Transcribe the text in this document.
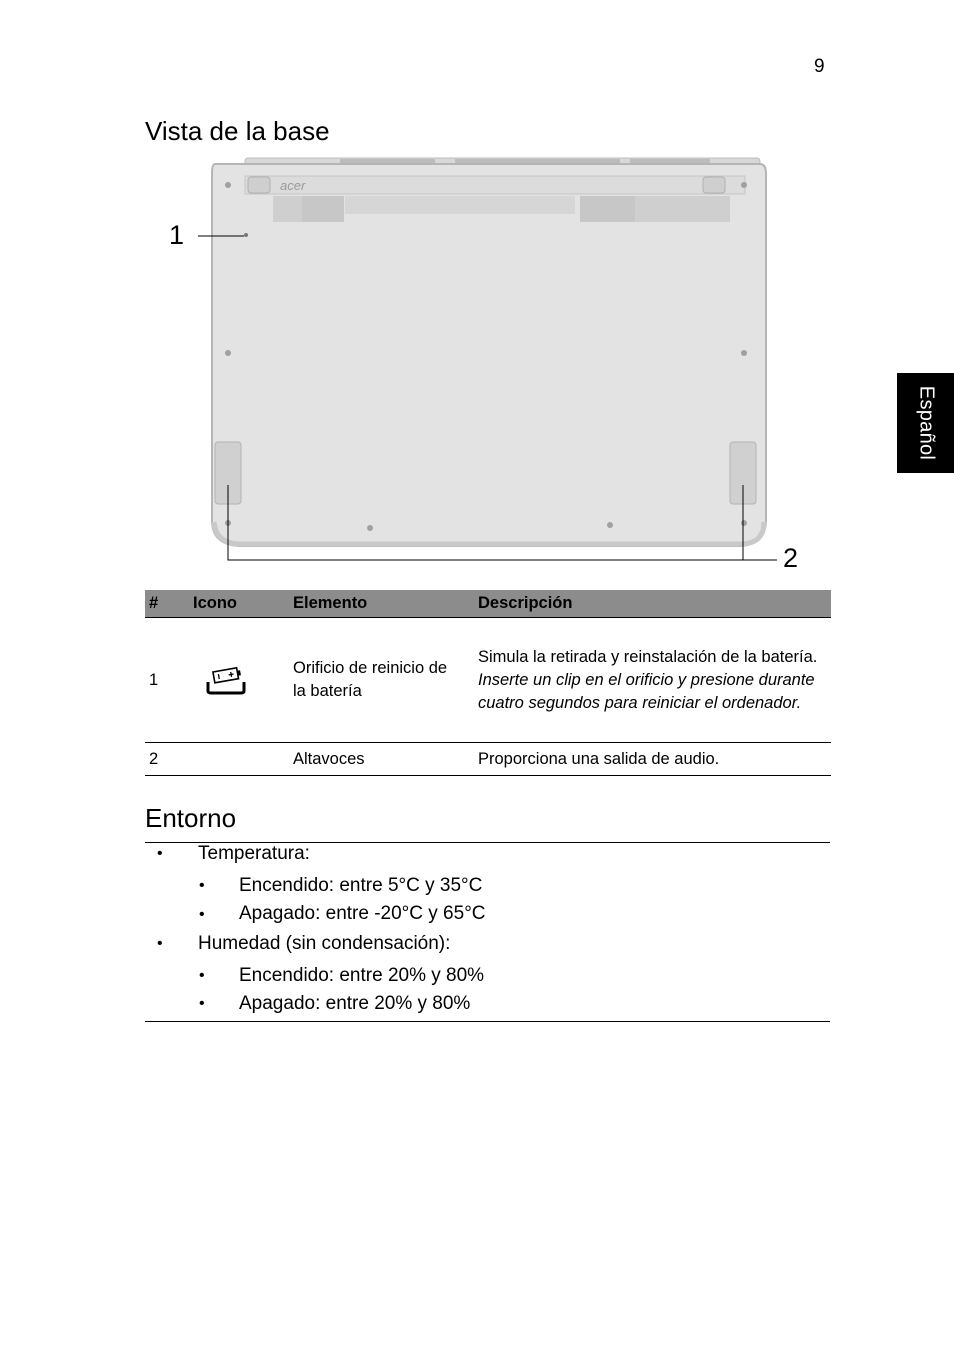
9
Español
Vista de la base
acer
1
2
#	Icono	Elemento	Descripción
1		Orificio de reinicio de la batería	Simula la retirada y reinstalación de la batería.
Inserte un clip en el orificio y presione durante cuatro segundos para reiniciar el ordenador.

2		Altavoces	Proporciona una salida de audio.
Entorno
• Temperatura:
• Encendido: entre 5°C y 35°C
• Apagado: entre -20°C y 65°C
• Humedad (sin condensación):
• Encendido: entre 20% y 80%
• Apagado: entre 20% y 80%
